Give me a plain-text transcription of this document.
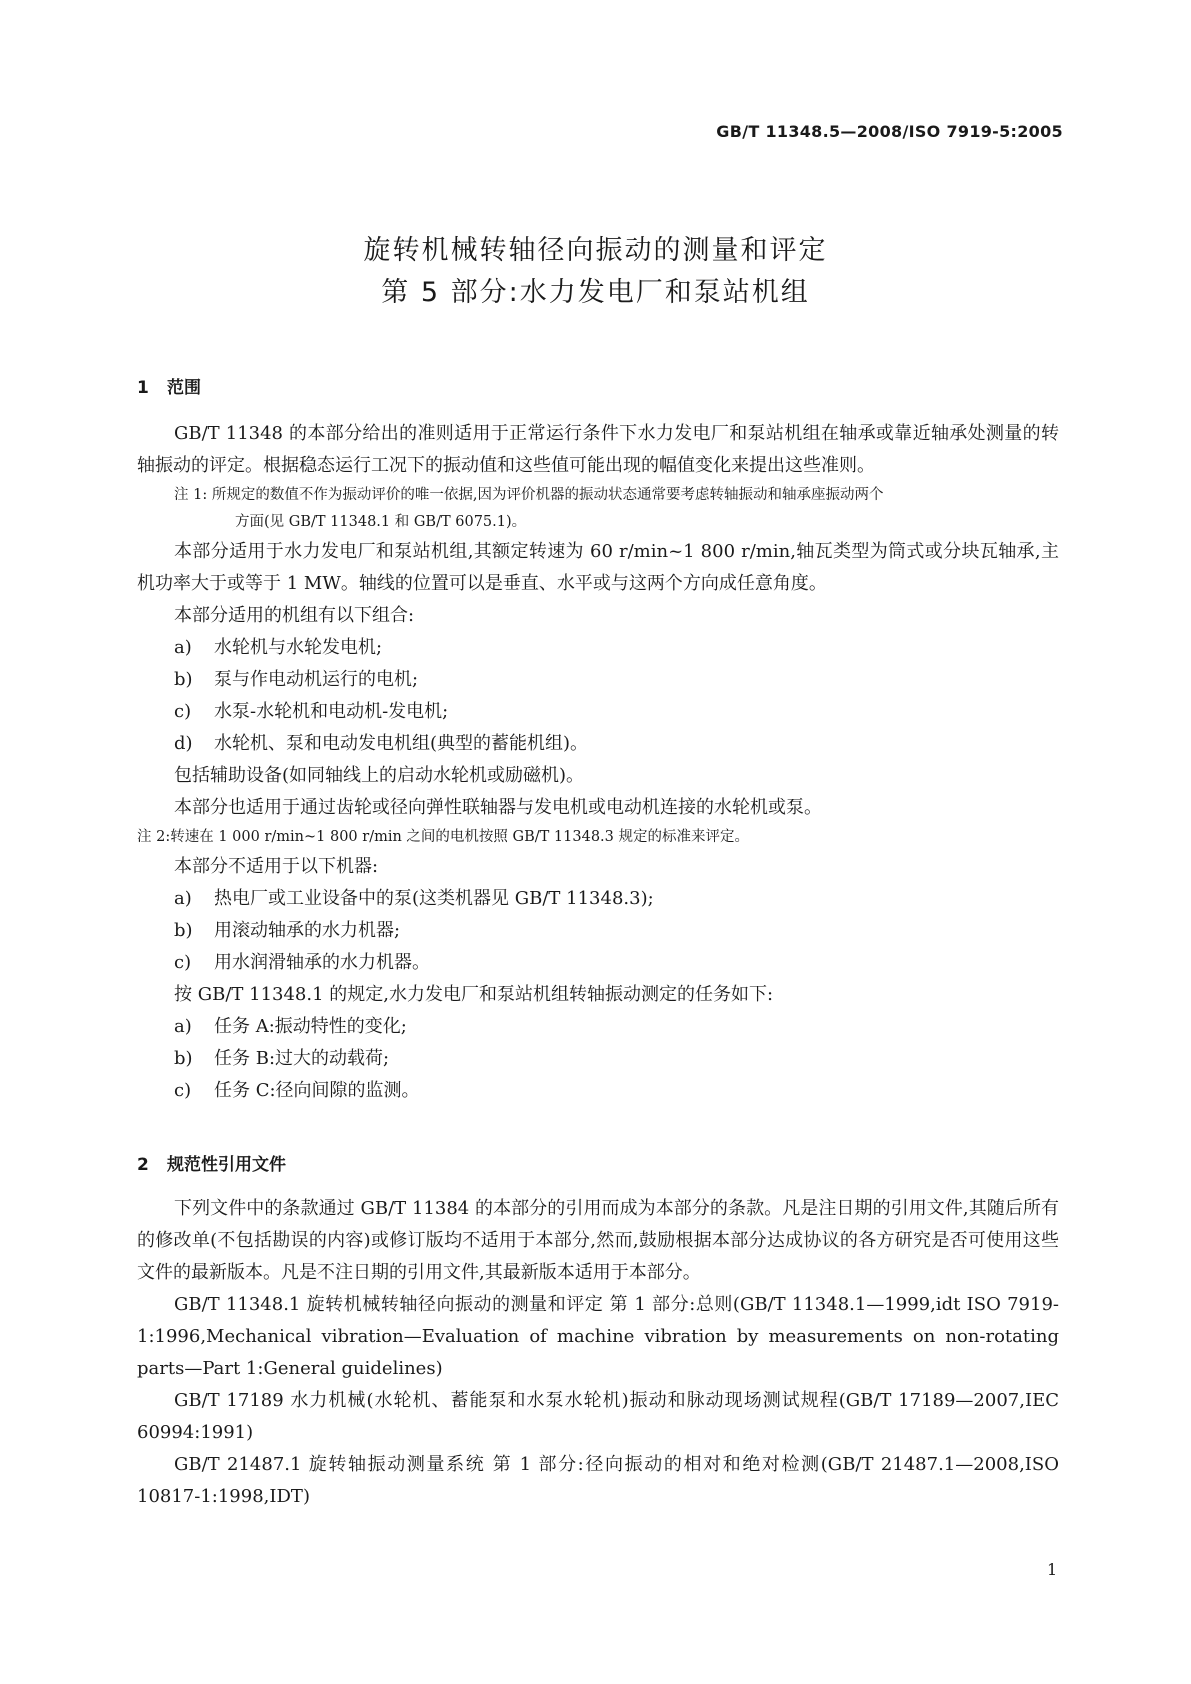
GB/T 11348.5—2008/ISO 7919-5:2005
旋转机械转轴径向振动的测量和评定
第 5 部分:水力发电厂和泵站机组
1 范围

GB/T 11348 的本部分给出的准则适用于正常运行条件下水力发电厂和泵站机组在轴承或靠近轴承处测量的转轴振动的评定。根据稳态运行工况下的振动值和这些值可能出现的幅值变化来提出这些准则。

注 1: 所规定的数值不作为振动评价的唯一依据,因为评价机器的振动状态通常要考虑转轴振动和轴承座振动两个
方面(见 GB/T 11348.1 和 GB/T 6075.1)。

本部分适用于水力发电厂和泵站机组,其额定转速为 60 r/min~1 800 r/min,轴瓦类型为筒式或分块瓦轴承,主机功率大于或等于 1 MW。轴线的位置可以是垂直、水平或与这两个方向成任意角度。

本部分适用的机组有以下组合:

a) 水轮机与水轮发电机;

b) 泵与作电动机运行的电机;

c) 水泵-水轮机和电动机-发电机;

d) 水轮机、泵和电动发电机组(典型的蓄能机组)。

包括辅助设备(如同轴线上的启动水轮机或励磁机)。

本部分也适用于通过齿轮或径向弹性联轴器与发电机或电动机连接的水轮机或泵。

注 2:转速在 1 000 r/min~1 800 r/min 之间的电机按照 GB/T 11348.3 规定的标准来评定。

本部分不适用于以下机器:

a) 热电厂或工业设备中的泵(这类机器见 GB/T 11348.3);

b) 用滚动轴承的水力机器;

c) 用水润滑轴承的水力机器。

按 GB/T 11348.1 的规定,水力发电厂和泵站机组转轴振动测定的任务如下:

a) 任务 A:振动特性的变化;

b) 任务 B:过大的动载荷;

c) 任务 C:径向间隙的监测。

2 规范性引用文件

下列文件中的条款通过 GB/T 11384 的本部分的引用而成为本部分的条款。凡是注日期的引用文件,其随后所有的修改单(不包括勘误的内容)或修订版均不适用于本部分,然而,鼓励根据本部分达成协议的各方研究是否可使用这些文件的最新版本。凡是不注日期的引用文件,其最新版本适用于本部分。

GB/T 11348.1 旋转机械转轴径向振动的测量和评定 第 1 部分:总则(GB/T 11348.1—1999,idt ISO 7919-1:1996,Mechanical vibration—Evaluation of machine vibration by measurements on non-rotating parts—Part 1:General guidelines)

GB/T 17189 水力机械(水轮机、蓄能泵和水泵水轮机)振动和脉动现场测试规程(GB/T 17189—2007,IEC 60994:1991)

GB/T 21487.1 旋转轴振动测量系统 第 1 部分:径向振动的相对和绝对检测(GB/T 21487.1—2008,ISO 10817-1:1998,IDT)

1
